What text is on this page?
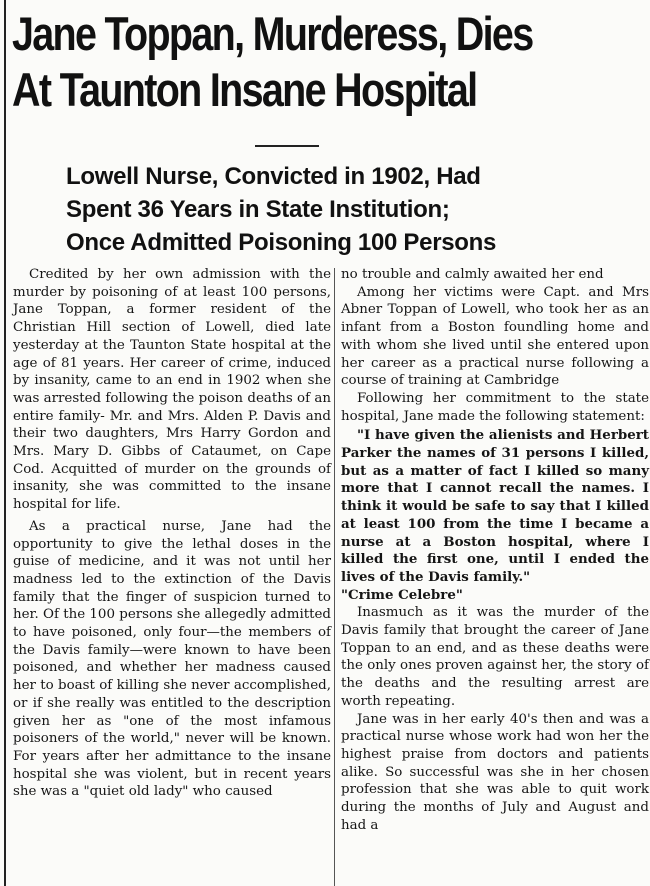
Jane Toppan, Murderess, Dies
At Taunton Insane Hospital
Lowell Nurse, Convicted in 1902, Had
Spent 36 Years in State Institution;
Once Admitted Poisoning 100 Persons

Credited by her own admission with the murder by poisoning of at least 100 persons, Jane Toppan, a former resident of the Christian Hill section of Lowell, died late yesterday at the Taunton State hospital at the age of 81 years. Her career of crime, induced by insanity, came to an end in 1902 when she was arrested following the poison deaths of an entire family- Mr. and Mrs. Alden P. Davis and their two daughters, Mrs Harry Gordon and Mrs. Mary D. Gibbs of Cataumet, on Cape Cod. Acquitted of murder on the grounds of insanity, she was committed to the insane hospital for life.

As a practical nurse, Jane had the opportunity to give the lethal doses in the guise of medicine, and it was not until her madness led to the extinction of the Davis family that the finger of suspicion turned to her. Of the 100 persons she allegedly admitted to have poisoned, only four—the members of the Davis family—were known to have been poisoned, and whether her madness caused her to boast of killing she never accomplished, or if she really was entitled to the description given her as "one of the most infamous poisoners of the world," never will be known. For years after her admittance to the insane hospital she was violent, but in recent years she was a "quiet old lady" who caused

no trouble and calmly awaited her end

Among her victims were Capt. and Mrs Abner Toppan of Lowell, who took her as an infant from a Boston foundling home and with whom she lived until she entered upon her career as a practical nurse following a course of training at Cambridge

Following her commitment to the state hospital, Jane made the following statement:

"I have given the alienists and Herbert Parker the names of 31 persons I killed, but as a matter of fact I killed so many more that I cannot recall the names. I think it would be safe to say that I killed at least 100 from the time I became a nurse at a Boston hospital, where I killed the first one, until I ended the lives of the Davis family."

"Crime Celebre"

Inasmuch as it was the murder of the Davis family that brought the career of Jane Toppan to an end, and as these deaths were the only ones proven against her, the story of the deaths and the resulting arrest are worth repeating.

Jane was in her early 40's then and was a practical nurse whose work had won her the highest praise from doctors and patients alike. So successful was she in her chosen profession that she was able to quit work during the months of July and August and had a
